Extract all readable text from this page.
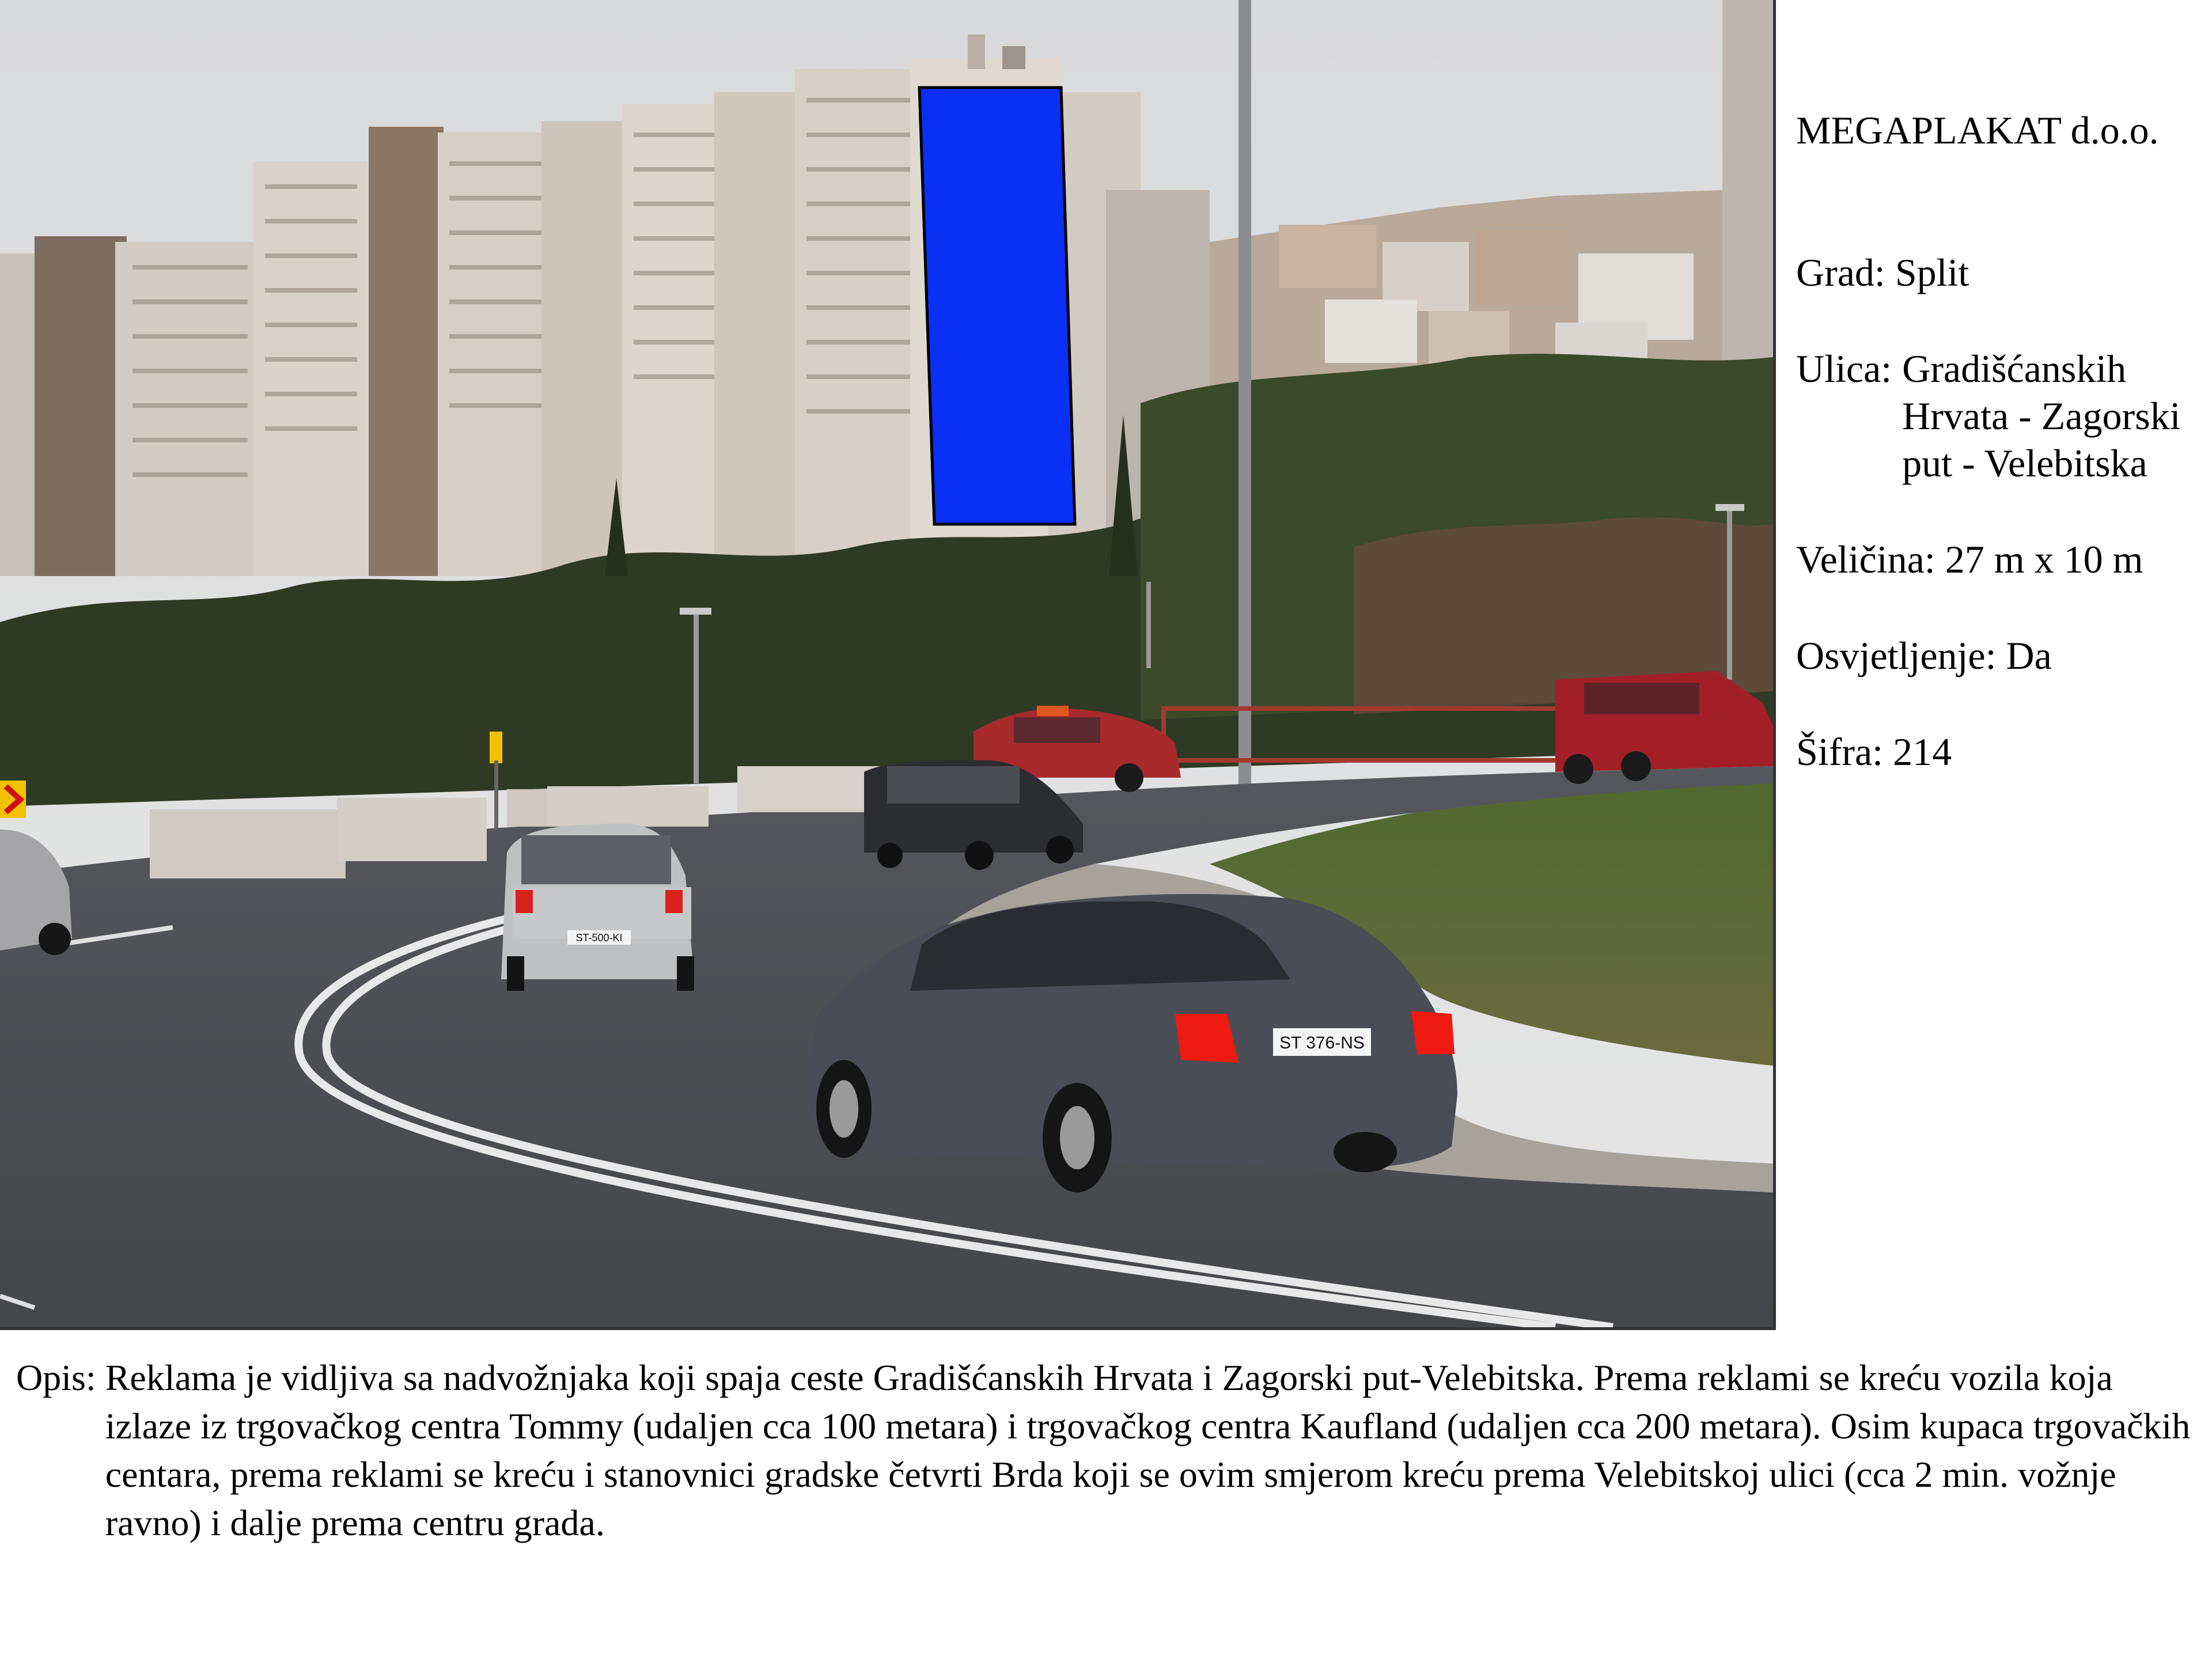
ST-500-KI
ST 376-NS

MEGAPLAKAT d.o.o.

Grad: Split

Ulica: Gradišćanskih
Hrvata - Zagorski
put - Velebitska

Veličina: 27 m x 10 m

Osvjetljenje: Da

Šifra: 214

Opis: Reklama je vidljiva sa nadvožnjaka koji spaja ceste Gradišćanskih Hrvata i Zagorski put-Velebitska. Prema reklami se kreću vozila koja izlaze iz trgovačkog centra Tommy (udaljen cca 100 metara) i trgovačkog centra Kaufland (udaljen cca 200 metara). Osim kupaca trgovačkih centara, prema reklami se kreću i stanovnici gradske četvrti Brda koji se ovim smjerom kreću prema Velebitskoj ulici (cca 2 min. vožnje ravno) i dalje prema centru grada.
